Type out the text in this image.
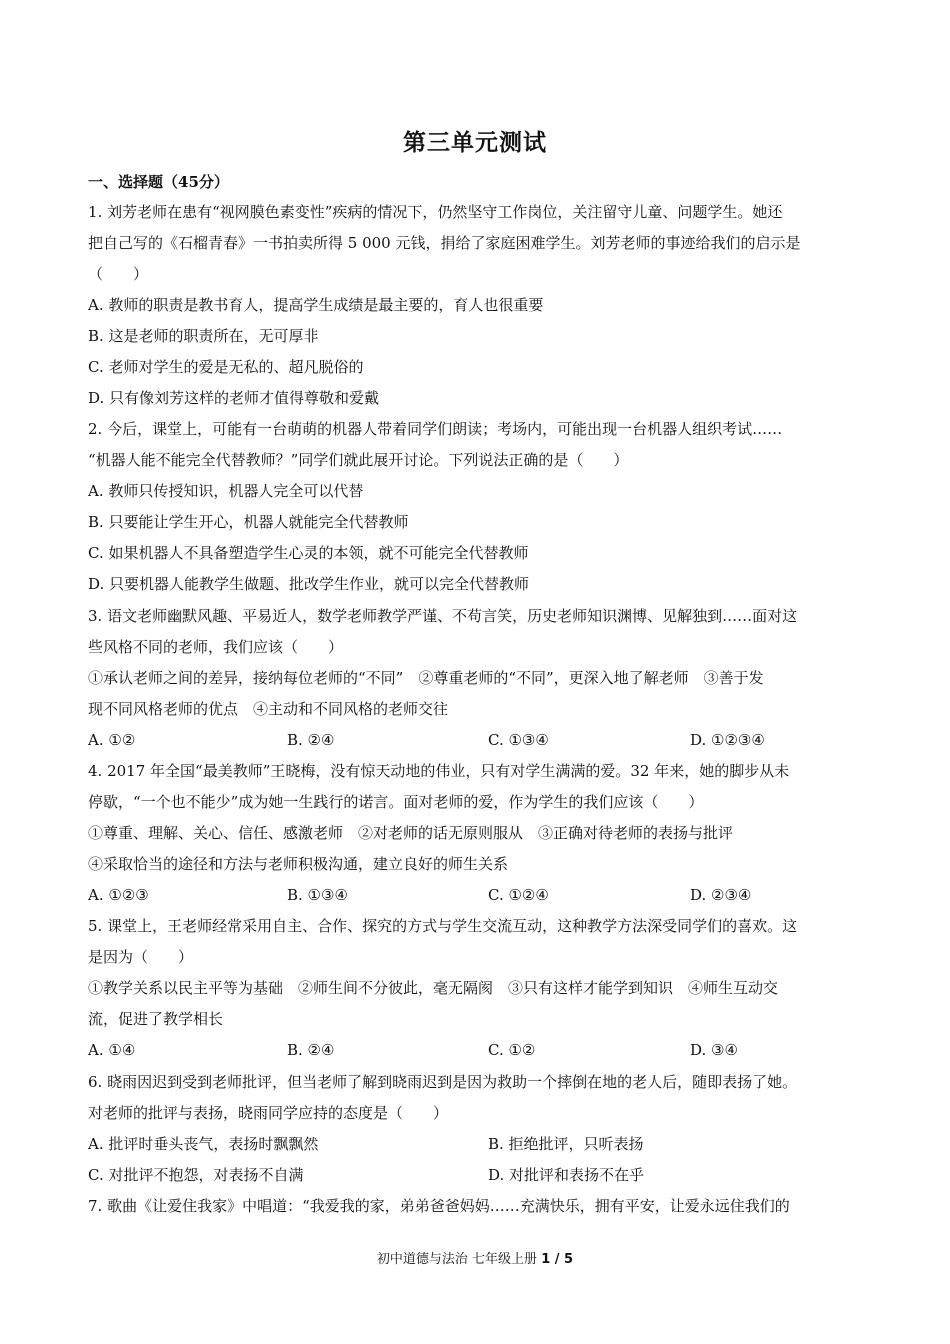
第三单元测试
一、选择题（45分）
1. 刘芳老师在患有“视网膜色素变性”疾病的情况下，仍然坚守工作岗位，关注留守儿童、问题学生。她还
把自己写的《石榴青春》一书拍卖所得 5 000 元钱，捐给了家庭困难学生。刘芳老师的事迹给我们的启示是
（　　）
A. 教师的职责是教书育人，提高学生成绩是最主要的，育人也很重要
B. 这是老师的职责所在，无可厚非
C. 老师对学生的爱是无私的、超凡脱俗的
D. 只有像刘芳这样的老师才值得尊敬和爱戴
2. 今后，课堂上，可能有一台萌萌的机器人带着同学们朗读；考场内，可能出现一台机器人组织考试……
“机器人能不能完全代替教师？”同学们就此展开讨论。下列说法正确的是（　　）
A. 教师只传授知识，机器人完全可以代替
B. 只要能让学生开心，机器人就能完全代替教师
C. 如果机器人不具备塑造学生心灵的本领，就不可能完全代替教师
D. 只要机器人能教学生做题、批改学生作业，就可以完全代替教师
3. 语文老师幽默风趣、平易近人，数学老师教学严谨、不苟言笑，历史老师知识渊博、见解独到……面对这
些风格不同的老师，我们应该（　　）
①承认老师之间的差异，接纳每位老师的“不同”　②尊重老师的“不同”，更深入地了解老师　③善于发
现不同风格老师的优点　④主动和不同风格的老师交往
A. ①②	B. ②④	C. ①③④	D. ①②③④
4. 2017 年全国“最美教师”王晓梅，没有惊天动地的伟业，只有对学生满满的爱。32 年来，她的脚步从未
停歇，“一个也不能少”成为她一生践行的诺言。面对老师的爱，作为学生的我们应该（　　）
①尊重、理解、关心、信任、感激老师　②对老师的话无原则服从　③正确对待老师的表扬与批评
④采取恰当的途径和方法与老师积极沟通，建立良好的师生关系
A. ①②③	B. ①③④	C. ①②④	D. ②③④
5. 课堂上，王老师经常采用自主、合作、探究的方式与学生交流互动，这种教学方法深受同学们的喜欢。这
是因为（　　）
①教学关系以民主平等为基础　②师生间不分彼此，毫无隔阂　③只有这样才能学到知识　④师生互动交
流，促进了教学相长
A. ①④	B. ②④	C. ①②	D. ③④
6. 晓雨因迟到受到老师批评，但当老师了解到晓雨迟到是因为救助一个摔倒在地的老人后，随即表扬了她。
对老师的批评与表扬，晓雨同学应持的态度是（　　）
A. 批评时垂头丧气，表扬时飘飘然	B. 拒绝批评，只听表扬
C. 对批评不抱怨，对表扬不自满	D. 对批评和表扬不在乎
7. 歌曲《让爱住我家》中唱道：“我爱我的家，弟弟爸爸妈妈……充满快乐，拥有平安，让爱永远住我们的
初中道德与法治 七年级上册 1 / 5
